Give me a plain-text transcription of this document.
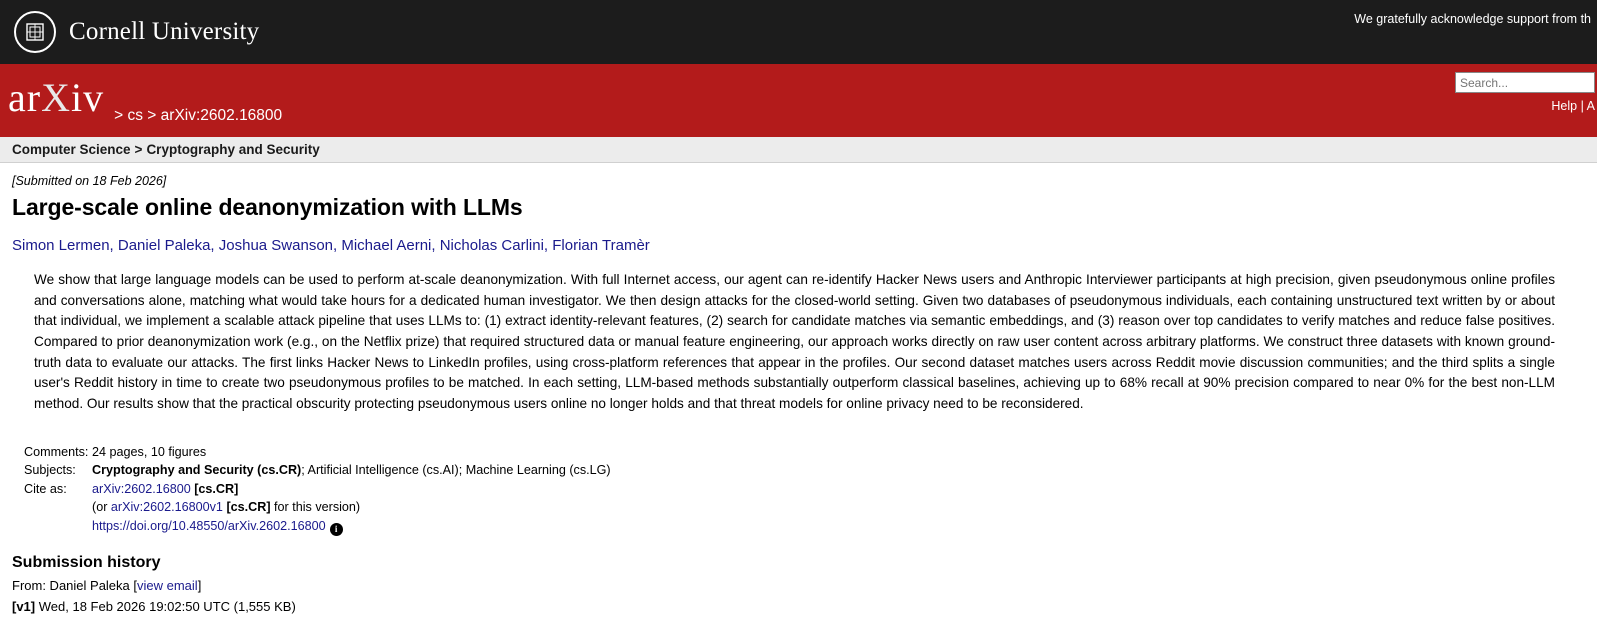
Cornell University	We gratefully acknowledge support from th
ar X iv > cs > arXiv:2602.16800
Search...
Help | A
Computer Science > Cryptography and Security
[Submitted on 18 Feb 2026]
Large-scale online deanonymization with LLMs
Simon Lermen, Daniel Paleka, Joshua Swanson, Michael Aerni, Nicholas Carlini, Florian Tramèr
We show that large language models can be used to perform at-scale deanonymization. With full Internet access, our agent can re-identify Hacker News users and Anthropic Interviewer participants at high precision, given pseudonymous online profiles and conversations alone, matching what would take hours for a dedicated human investigator. We then design attacks for the closed-world setting. Given two databases of pseudonymous individuals, each containing unstructured text written by or about that individual, we implement a scalable attack pipeline that uses LLMs to: (1) extract identity-relevant features, (2) search for candidate matches via semantic embeddings, and (3) reason over top candidates to verify matches and reduce false positives. Compared to prior deanonymization work (e.g., on the Netflix prize) that required structured data or manual feature engineering, our approach works directly on raw user content across arbitrary platforms. We construct three datasets with known ground-truth data to evaluate our attacks. The first links Hacker News to LinkedIn profiles, using cross-platform references that appear in the profiles. Our second dataset matches users across Reddit movie discussion communities; and the third splits a single user's Reddit history in time to create two pseudonymous profiles to be matched. In each setting, LLM-based methods substantially outperform classical baselines, achieving up to 68% recall at 90% precision compared to near 0% for the best non-LLM method. Our results show that the practical obscurity protecting pseudonymous users online no longer holds and that threat models for online privacy need to be reconsidered.
Comments: 24 pages, 10 figures
Subjects:	Cryptography and Security (cs.CR); Artificial Intelligence (cs.AI); Machine Learning (cs.LG)
Cite as:	arXiv:2602.16800 [cs.CR]
(or arXiv:2602.16800v1 [cs.CR] for this version)
https://doi.org/10.48550/arXiv.2602.16800 i
Submission history
From: Daniel Paleka [view email]
[v1] Wed, 18 Feb 2026 19:02:50 UTC (1,555 KB)
